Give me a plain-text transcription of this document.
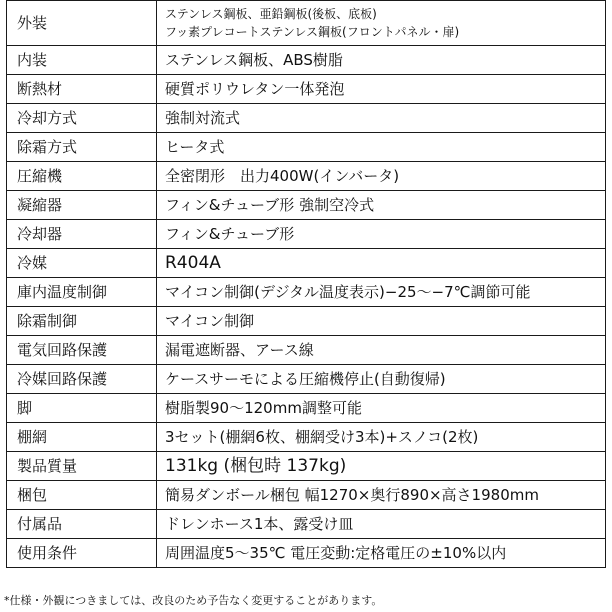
外装	ステンレス鋼板、亜鉛鋼板(後板、底板)
フッ素プレコートステンレス鋼板(フロントパネル・扉)

内装	ステンレス鋼板、ABS樹脂
断熱材	硬質ポリウレタン一体発泡
冷却方式	強制対流式
除霜方式	ヒータ式
圧縮機	全密閉形　出力400W(インバータ)
凝縮器	フィン&チューブ形 強制空冷式
冷却器	フィン&チューブ形
冷媒	R404A
庫内温度制御	マイコン制御(デジタル温度表示)−25〜−7℃調節可能
除霜制御	マイコン制御
電気回路保護	漏電遮断器、アース線
冷媒回路保護	ケースサーモによる圧縮機停止(自動復帰)
脚	樹脂製90〜120mm調整可能
棚網	3セット(棚網6枚、棚網受け3本)+スノコ(2枚)
製品質量	131kg (梱包時 137kg)
梱包	簡易ダンボール梱包 幅1270×奥行890×高さ1980mm
付属品	ドレンホース1本、露受け皿
使用条件	周囲温度5〜35℃ 電圧変動:定格電圧の±10%以内
*仕様・外観につきましては、改良のため予告なく変更することがあります。
